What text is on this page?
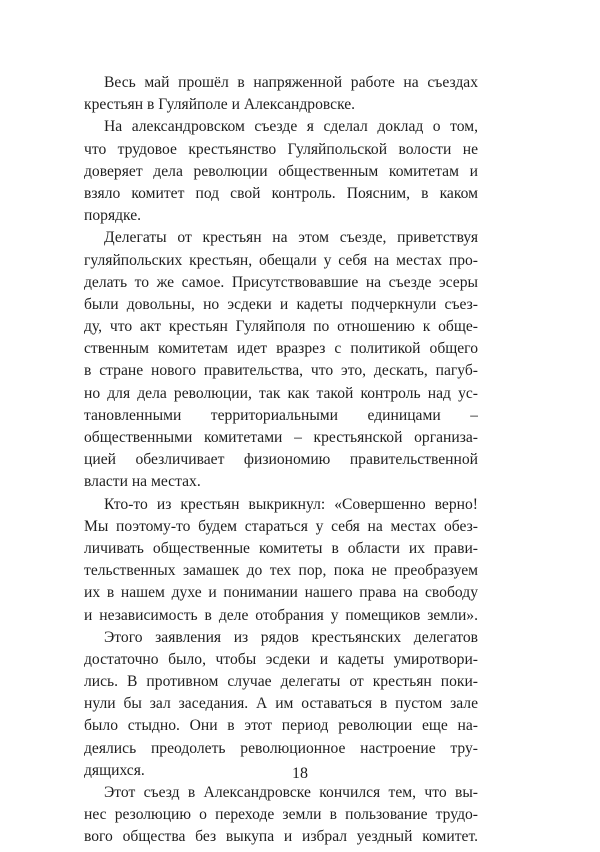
Весь май прошёл в напряженной работе на съездах
крестьян в Гуляйполе и Александровске.
На александровском съезде я сделал доклад о том,
что трудовое крестьянство Гуляйпольской волости не
доверяет дела революции общественным комитетам и
взяло комитет под свой контроль. Поясним, в каком
порядке.
Делегаты от крестьян на этом съезде, приветствуя
гуляйпольских крестьян, обещали у себя на местах про-
делать то же самое. Присутствовавшие на съезде эсеры
были довольны, но эсдеки и кадеты подчеркнули съез-
ду, что акт крестьян Гуляйполя по отношению к обще-
ственным комитетам идет вразрез с политикой общего
в стране нового правительства, что это, дескать, пагуб-
но для дела революции, так как такой контроль над ус-
тановленными территориальными единицами –
общественными комитетами – крестьянской организа-
цией обезличивает физиономию правительственной
власти на местах.
Кто-то из крестьян выкрикнул: «Совершенно верно!
Мы поэтому-то будем стараться у себя на местах обез-
личивать общественные комитеты в области их прави-
тельственных замашек до тех пор, пока не преобразуем
их в нашем духе и понимании нашего права на свободу
и независимость в деле отобрания у помещиков земли».
Этого заявления из рядов крестьянских делегатов
достаточно было, чтобы эсдеки и кадеты умиротвори-
лись. В противном случае делегаты от крестьян поки-
нули бы зал заседания. А им оставаться в пустом зале
было стыдно. Они в этот период революции еще на-
деялись преодолеть революционное настроение тру-
дящихся.
Этот съезд в Александровске кончился тем, что вы-
нес резолюцию о переходе земли в пользование трудо-
вого общества без выкупа и избрал уездный комитет.
18
